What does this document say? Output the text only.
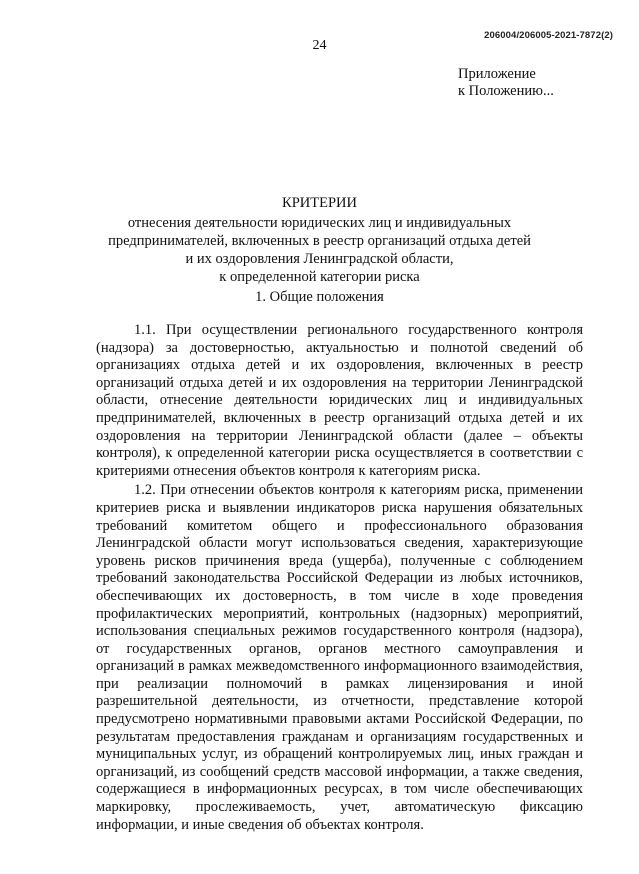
206004/206005-2021-7872(2)
24
Приложение
к Положению...
КРИТЕРИИ
отнесения деятельности юридических лиц и индивидуальных
предпринимателей, включенных в реестр организаций отдыха детей
и их оздоровления Ленинградской области,
к определенной категории риска
1. Общие положения

1.1. При осуществлении регионального государственного контроля (надзора) за достоверностью, актуальностью и полнотой сведений об организациях отдыха детей и их оздоровления, включенных в реестр организаций отдыха детей и их оздоровления на территории Ленинградской области, отнесение деятельности юридических лиц и индивидуальных предпринимателей, включенных в реестр организаций отдыха детей и их оздоровления на территории Ленинградской области (далее – объекты контроля), к определенной категории риска осуществляется в соответствии с критериями отнесения объектов контроля к категориям риска.

1.2. При отнесении объектов контроля к категориям риска, применении критериев риска и выявлении индикаторов риска нарушения обязательных требований комитетом общего и профессионального образования Ленинградской области могут использоваться сведения, характеризующие уровень рисков причинения вреда (ущерба), полученные с соблюдением требований законодательства Российской Федерации из любых источников, обеспечивающих их достоверность, в том числе в ходе проведения профилактических мероприятий, контрольных (надзорных) мероприятий, использования специальных режимов государственного контроля (надзора), от государственных органов, органов местного самоуправления и организаций в рамках межведомственного информационного взаимодействия, при реализации полномочий в рамках лицензирования и иной разрешительной деятельности, из отчетности, представление которой предусмотрено нормативными правовыми актами Российской Федерации, по результатам предоставления гражданам и организациям государственных и муниципальных услуг, из обращений контролируемых лиц, иных граждан и организаций, из сообщений средств массовой информации, а также сведения, содержащиеся в информационных ресурсах, в том числе обеспечивающих маркировку, прослеживаемость, учет, автоматическую фиксацию информации, и иные сведения об объектах контроля.
